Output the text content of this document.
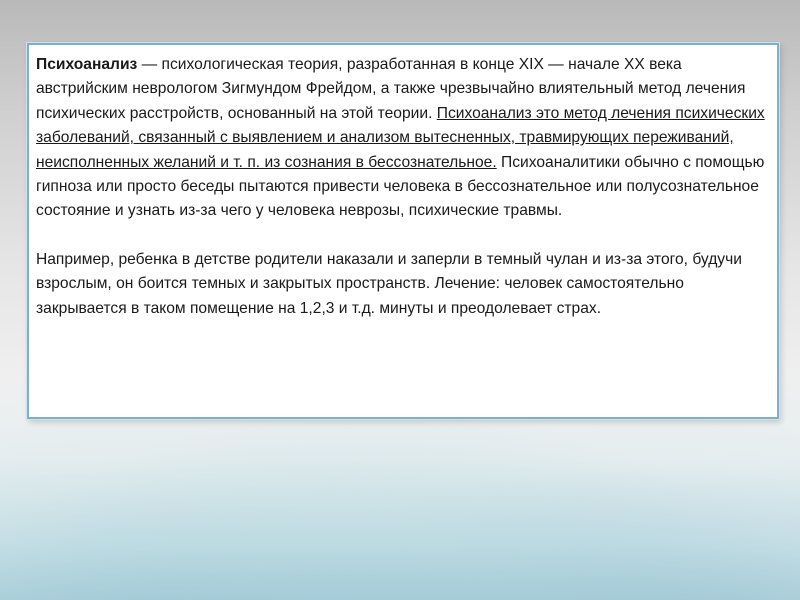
Психоанализ — психологическая теория, разработанная в конце XIX — начале XX века австрийским неврологом Зигмундом Фрейдом, а также чрезвычайно влиятельный метод лечения психических расстройств, основанный на этой теории. Психоанализ это метод лечения психических заболеваний, связанный с выявлением и анализом вытесненных, травмирующих переживаний, неисполненных желаний и т. п. из сознания в бессознательное. Психоаналитики обычно с помощью гипноза или просто беседы пытаются привести человека в бессознательное или полусознательное состояние и узнать из-за чего у человека неврозы, психические травмы.

Например, ребенка в детстве родители наказали и заперли в темный чулан и из-за этого, будучи взрослым, он боится темных и закрытых пространств. Лечение: человек самостоятельно закрывается в таком помещение на 1,2,3 и т.д. минуты и преодолевает страх.
